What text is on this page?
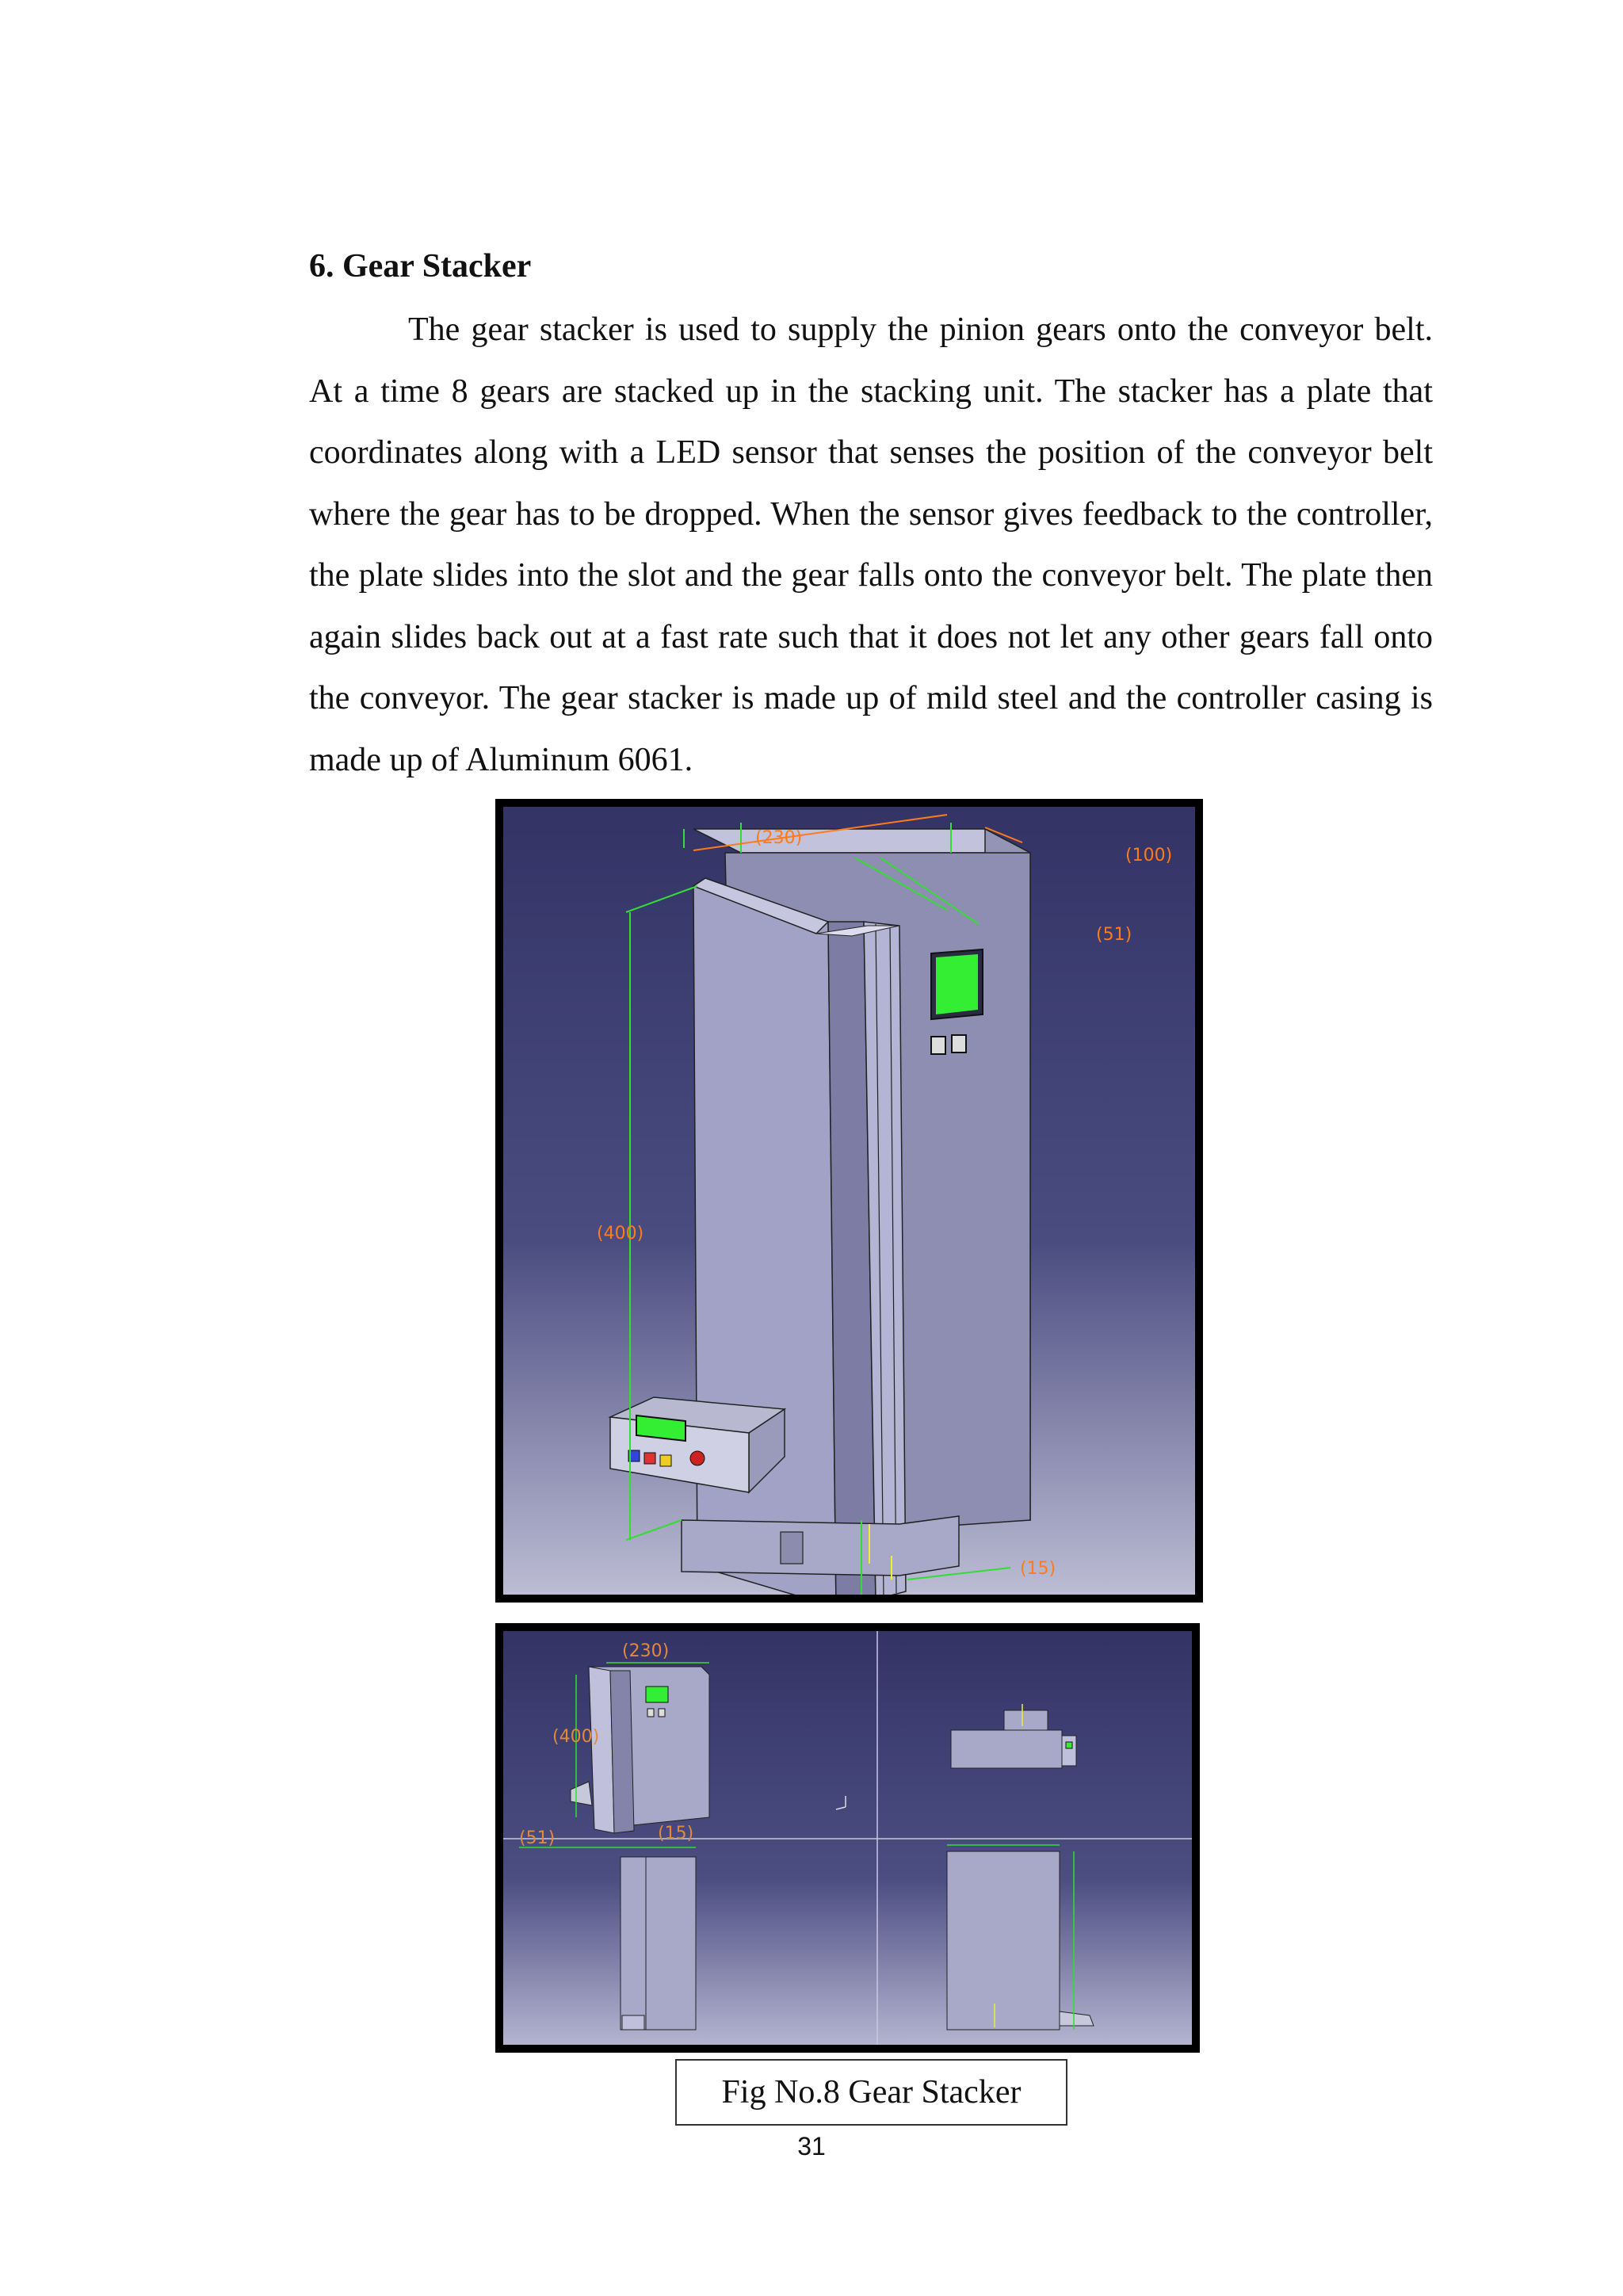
6. Gear Stacker

The gear stacker is used to supply the pinion gears onto the conveyor belt. At a time 8 gears are stacked up in the stacking unit. The stacker has a plate that coordinates along with a LED sensor that senses the position of the conveyor belt where the gear has to be dropped. When the sensor gives feedback to the controller, the plate slides into the slot and the gear falls onto the conveyor belt. The plate then again slides back out at a fast rate such that it does not let any other gears fall onto the conveyor. The gear stacker is made up of mild steel and the controller casing is made up of Aluminum 6061.

(230)
(100)
(51)
(400)
(15)
(230)
(400)
(15)
(51)
Fig No.8 Gear Stacker
31
